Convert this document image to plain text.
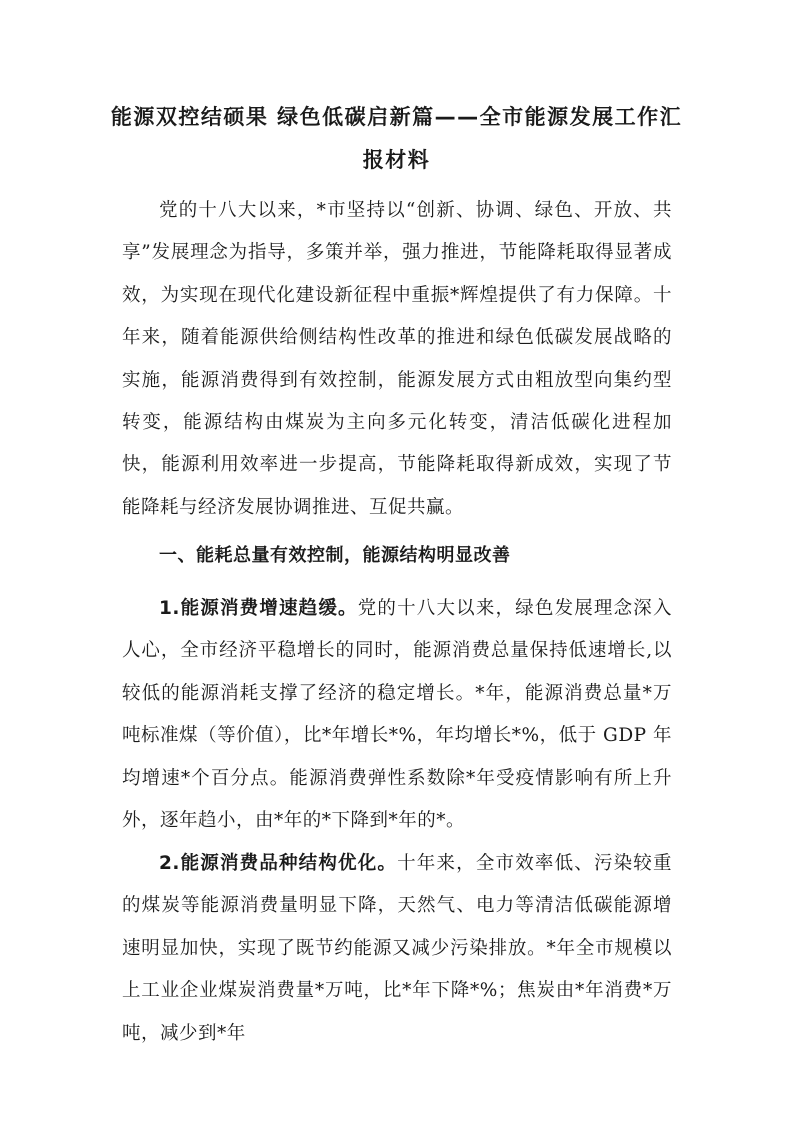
能源双控结硕果 绿色低碳启新篇——全市能源发展工作汇报材料

党的十八大以来，*市坚持以“创新、协调、绿色、开放、共享”发展理念为指导，多策并举，强力推进，节能降耗取得显著成效，为实现在现代化建设新征程中重振*辉煌提供了有力保障。十年来，随着能源供给侧结构性改革的推进和绿色低碳发展战略的实施，能源消费得到有效控制，能源发展方式由粗放型向集约型转变，能源结构由煤炭为主向多元化转变，清洁低碳化进程加快，能源利用效率进一步提高，节能降耗取得新成效，实现了节能降耗与经济发展协调推进、互促共赢。

一、能耗总量有效控制，能源结构明显改善

1.能源消费增速趋缓。党的十八大以来，绿色发展理念深入人心，全市经济平稳增长的同时，能源消费总量保持低速增长,以较低的能源消耗支撑了经济的稳定增长。*年，能源消费总量*万吨标准煤（等价值），比*年增长*%，年均增长*%，低于 GDP 年均增速*个百分点。能源消费弹性系数除*年受疫情影响有所上升外，逐年趋小，由*年的*下降到*年的*。

2.能源消费品种结构优化。十年来，全市效率低、污染较重的煤炭等能源消费量明显下降，天然气、电力等清洁低碳能源增速明显加快，实现了既节约能源又减少污染排放。*年全市规模以上工业企业煤炭消费量*万吨，比*年下降*%；焦炭由*年消费*万吨，减少到*年
